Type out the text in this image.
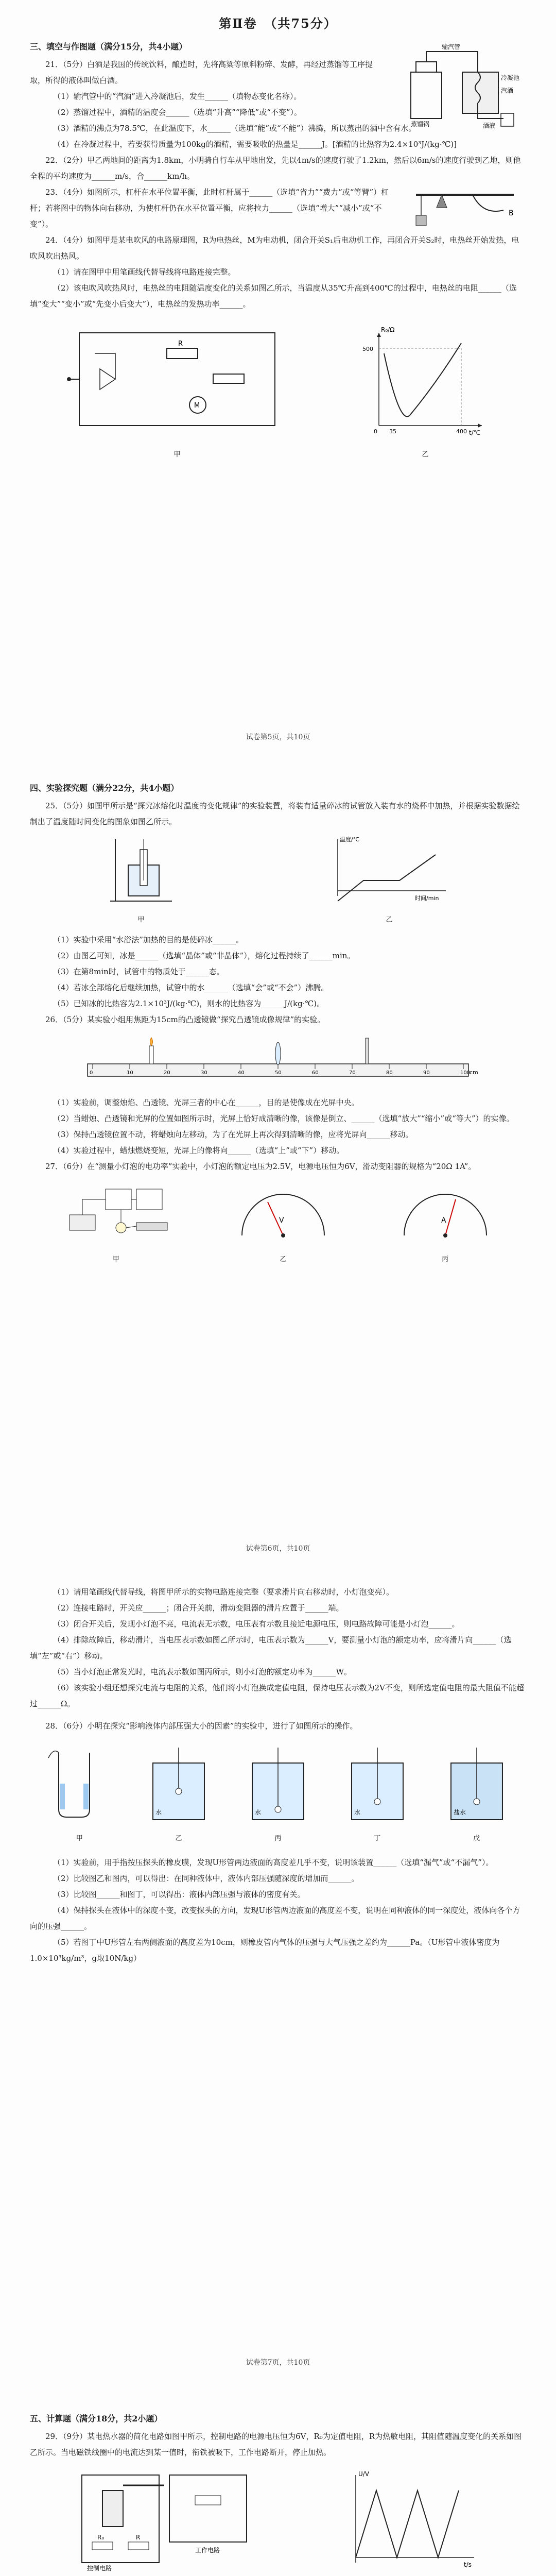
第Ⅱ卷　（共75分）
三、填空与作图题（满分15分，共4小题）

21．（5分）白酒是我国的传统饮料，酿造时，先将高粱等原料粉碎、发酵，再经过蒸馏等工序提取，所得的液体叫做白酒。

（1）输汽管中的“汽酒”进入冷凝池后，发生______（填物态变化名称）。

（2）蒸馏过程中，酒精的温度会______（选填“升高”“降低”或“不变”）。

（3）酒精的沸点为78.5℃，在此温度下，水______（选填“能”或“不能”）沸腾，所以蒸出的酒中含有水。

（4）在冷凝过程中，若要获得质量为100kg的酒精，需要吸收的热量是______J。[酒精的比热容为2.4×10³J/(kg·℃)]

冷凝池
输汽管
汽酒
蒸馏锅	酒液

22．（2分）甲乙两地间的距离为1.8km，小明骑自行车从甲地出发，先以4m/s的速度行驶了1.2km，然后以6m/s的速度行驶到乙地，则他全程的平均速度为______m/s，合______km/h。

23．（4分）如图所示，杠杆在水平位置平衡，此时杠杆属于______（选填“省力”“费力”或“等臂”）杠杆；若将图中的物体向右移动，为使杠杆仍在水平位置平衡，应将拉力______（选填“增大”“减小”或“不变”）。

B

24．（4分）如图甲是某电吹风的电路原理图，R为电热丝，M为电动机，闭合开关S₁后电动机工作，再闭合开关S₂时，电热丝开始发热，电吹风吹出热风。

（1）请在图甲中用笔画线代替导线将电路连接完整。

（2）该电吹风吹热风时，电热丝的电阻随温度变化的关系如图乙所示，当温度从35℃升高到400℃的过程中，电热丝的电阻______（选填“变大”“变小”或“先变小后变大”），电热丝的发热功率______。

R
M
甲
R₀/Ω
t/℃
500
0 35	400
乙
试卷第5页，共10页
四、实验探究题（满分22分，共4小题）

25．（5分）如图甲所示是“探究冰熔化时温度的变化规律”的实验装置，将装有适量碎冰的试管放入装有水的烧杯中加热，并根据实验数据绘制出了温度随时间变化的图象如图乙所示。

甲
温度/℃
时间/min
乙

（1）实验中采用“水浴法”加热的目的是使碎冰______。

（2）由图乙可知，冰是______（选填“晶体”或“非晶体”），熔化过程持续了______min。

（3）在第8min时，试管中的物质处于______态。

（4）若冰全部熔化后继续加热，试管中的水______（选填“会”或“不会”）沸腾。

（5）已知冰的比热容为2.1×10³J/(kg·℃)，则水的比热容为______J/(kg·℃)。

26．（5分）某实验小组用焦距为15cm的凸透镜做“探究凸透镜成像规律”的实验。

0	10	20	30	40	50	60	70	80	90	100
cm

（1）实验前，调整烛焰、凸透镜、光屏三者的中心在______，目的是使像成在光屏中央。

（2）当蜡烛、凸透镜和光屏的位置如图所示时，光屏上恰好成清晰的像，该像是倒立、______（选填“放大”“缩小”或“等大”）的实像。

（3）保持凸透镜位置不动，将蜡烛向左移动，为了在光屏上再次得到清晰的像，应将光屏向______移动。

（4）实验过程中，蜡烛燃烧变短，光屏上的像将向______（选填“上”或“下”）移动。

27．（6分）在“测量小灯泡的电功率”实验中，小灯泡的额定电压为2.5V，电源电压恒为6V，滑动变阻器的规格为“20Ω 1A”。

甲
V
乙
A
丙
试卷第6页，共10页

（1）请用笔画线代替导线，将图甲所示的实物电路连接完整（要求滑片向右移动时，小灯泡变亮）。

（2）连接电路时，开关应______；闭合开关前，滑动变阻器的滑片应置于______端。

（3）闭合开关后，发现小灯泡不亮，电流表无示数，电压表有示数且接近电源电压，则电路故障可能是小灯泡______。

（4）排除故障后，移动滑片，当电压表示数如图乙所示时，电压表示数为______V，要测量小灯泡的额定功率，应将滑片向______（选填“左”或“右”）移动。

（5）当小灯泡正常发光时，电流表示数如图丙所示，则小灯泡的额定功率为______W。

（6）该实验小组还想探究电流与电阻的关系，他们将小灯泡换成定值电阻，保持电压表示数为2V不变，则所选定值电阻的最大阻值不能超过______Ω。

28．（6分）小明在探究“影响液体内部压强大小的因素”的实验中，进行了如图所示的操作。

甲
水
乙
水
丙
水
丁
盐水
戊

（1）实验前，用手指按压探头的橡皮膜，发现U形管两边液面的高度差几乎不变，说明该装置______（选填“漏气”或“不漏气”）。

（2）比较图乙和图丙，可以得出：在同种液体中，液体内部压强随深度的增加而______。

（3）比较图______和图丁，可以得出：液体内部压强与液体的密度有关。

（4）保持探头在液体中的深度不变，改变探头的方向，发现U形管两边液面的高度差不变，说明在同种液体的同一深度处，液体向各个方向的压强______。

（5）若图丁中U形管左右两侧液面的高度差为10cm，则橡皮管内气体的压强与大气压强之差约为______Pa。（U形管中液体密度为1.0×10³kg/m³，g取10N/kg）

试卷第7页，共10页
五、计算题（满分18分，共2小题）

29．（9分）某电热水器的简化电路如图甲所示，控制电路的电源电压恒为6V，R₀为定值电阻，R为热敏电阻，其阻值随温度变化的关系如图乙所示。当电磁铁线圈中的电流达到某一值时，衔铁被吸下，工作电路断开，停止加热。

控制电路
工作电路
R₀	R
U/V
t/s
